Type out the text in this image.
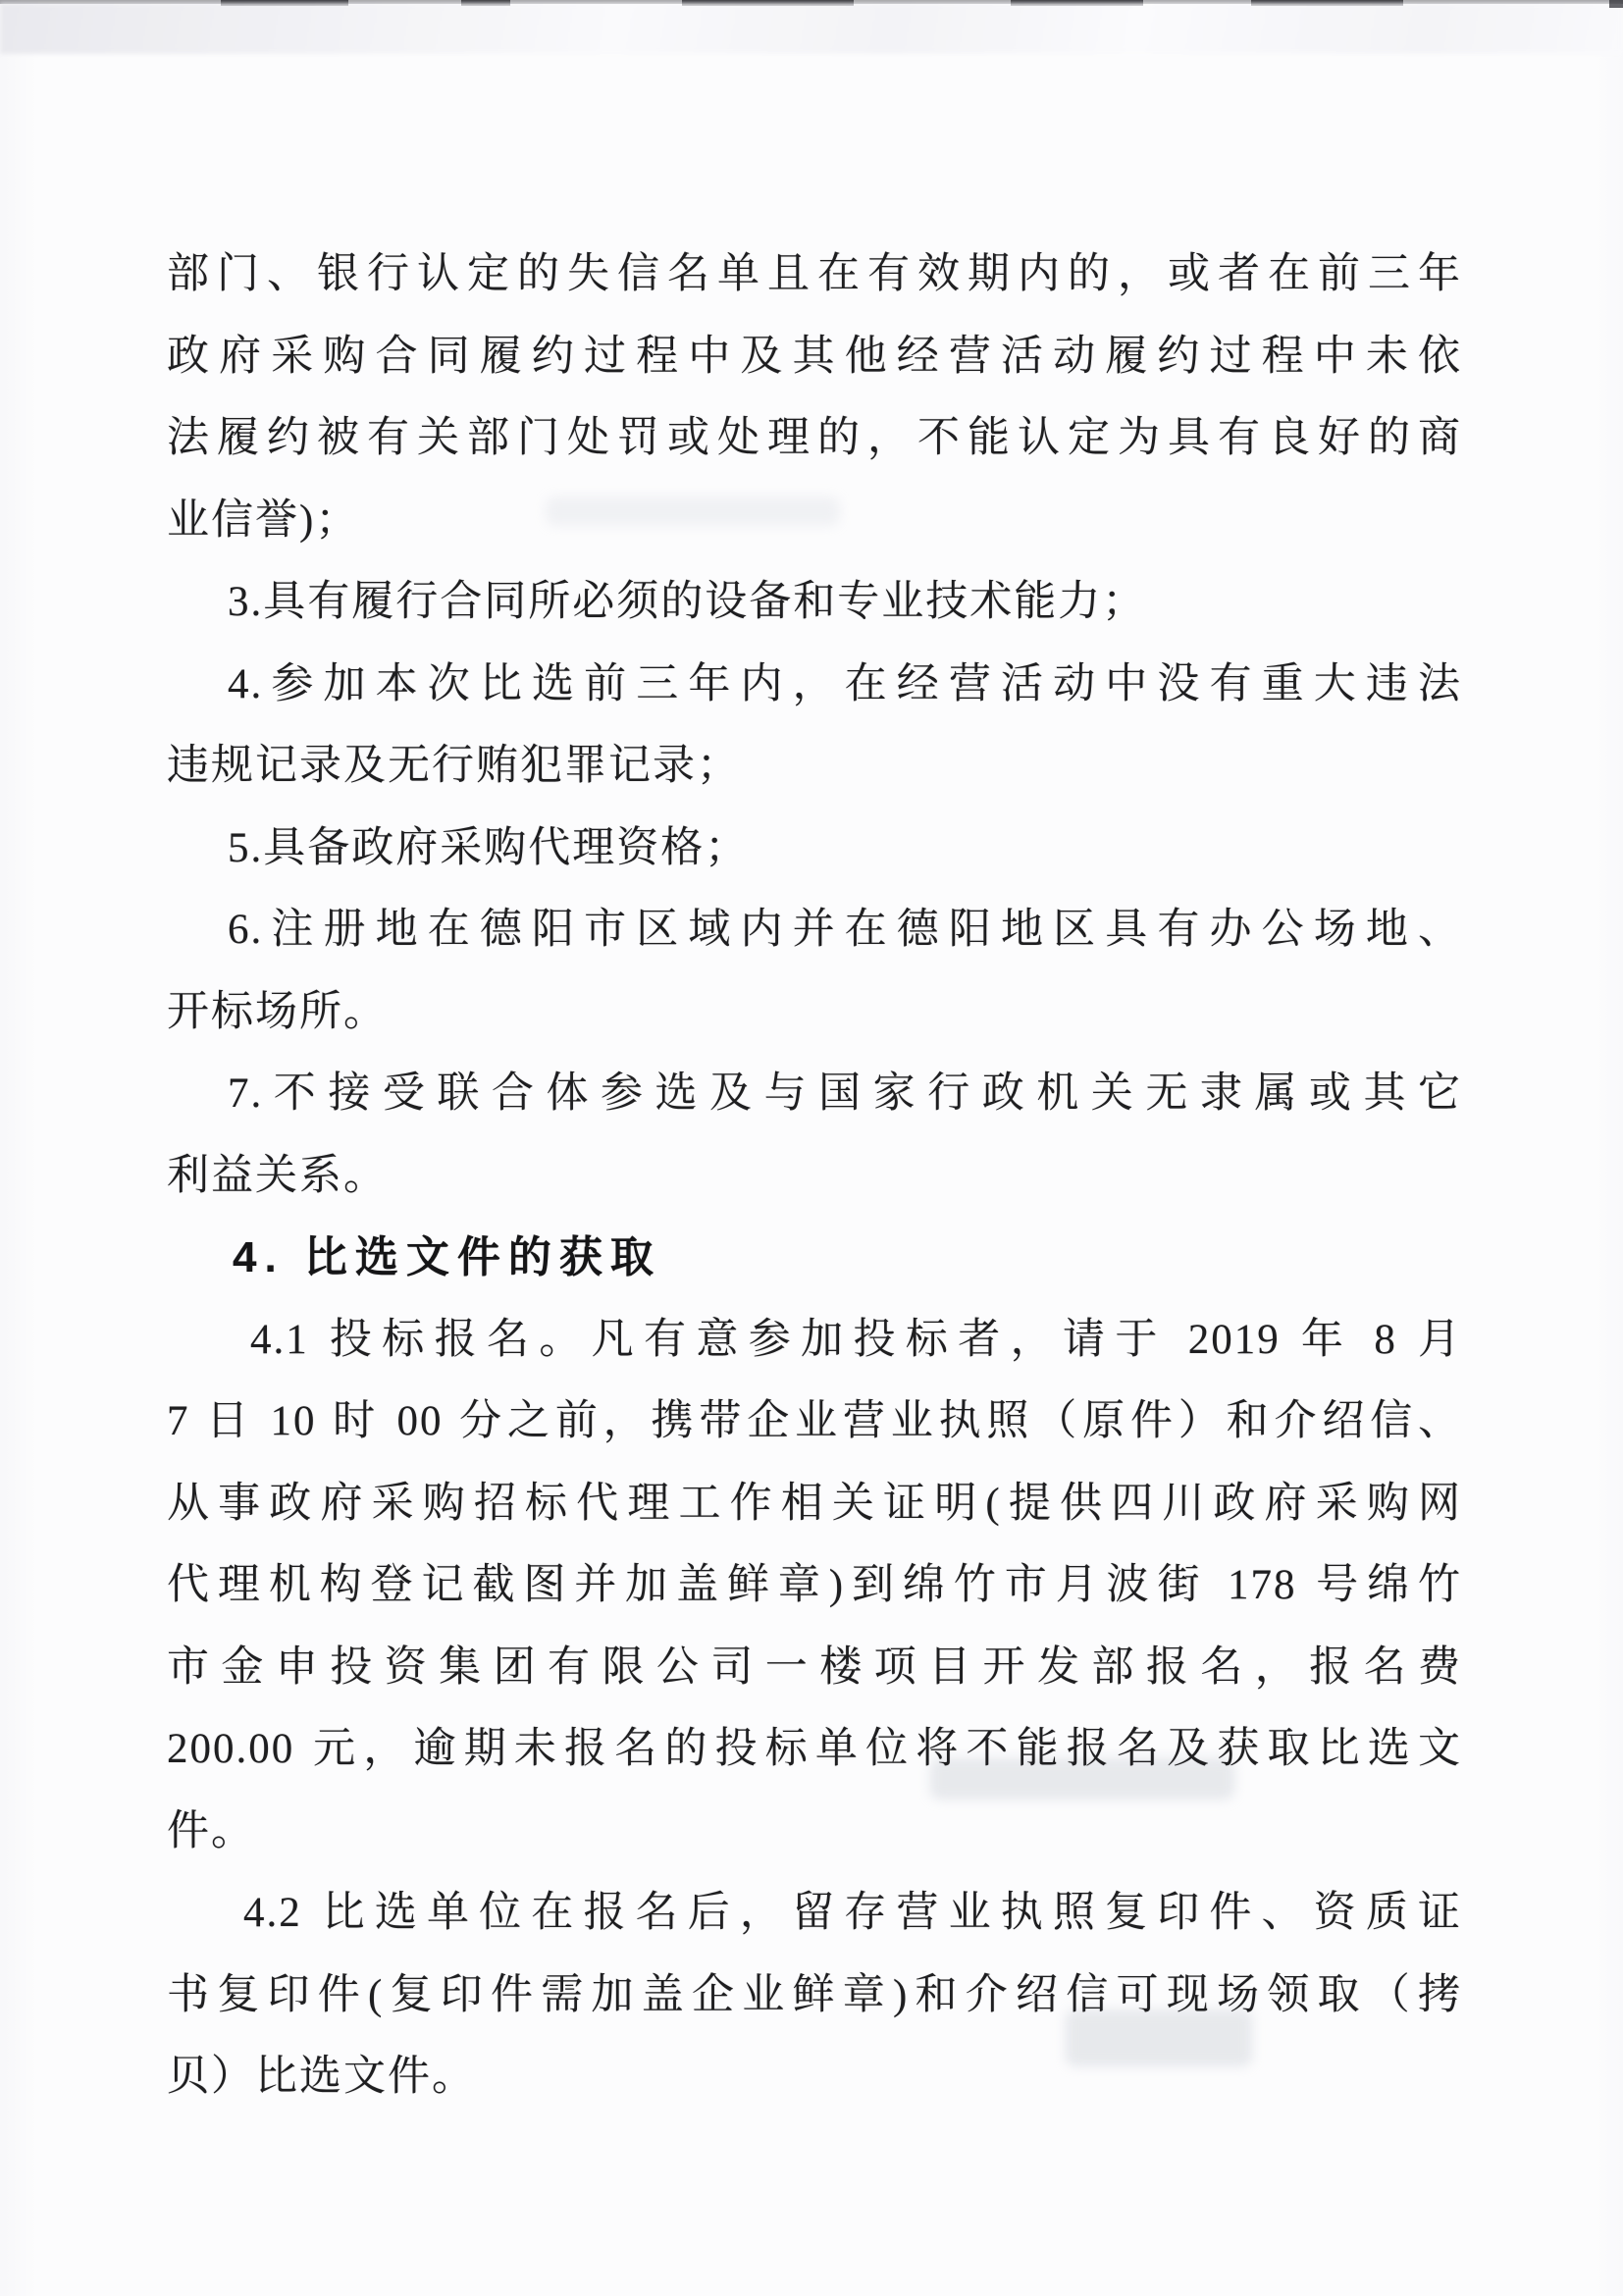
部门、银行认定的失信名单且在有效期内的，或者在前三年
政府采购合同履约过程中及其他经营活动履约过程中未依
法履约被有关部门处罚或处理的，不能认定为具有良好的商
业信誉)；
3.具有履行合同所必须的设备和专业技术能力；
4.参加本次比选前三年内，在经营活动中没有重大违法
违规记录及无行贿犯罪记录；
5.具备政府采购代理资格；
6.注册地在德阳市区域内并在德阳地区具有办公场地、
开标场所。
7.不接受联合体参选及与国家行政机关无隶属或其它
利益关系。
4. 比选文件的获取
4.1 投标报名。凡有意参加投标者，请于 2019 年 8 月
7 日 10 时 00 分之前，携带企业营业执照（原件）和介绍信、
从事政府采购招标代理工作相关证明(提供四川政府采购网
代理机构登记截图并加盖鲜章)到绵竹市月波街 178 号绵竹
市金申投资集团有限公司一楼项目开发部报名，报名费
200.00 元，逾期未报名的投标单位将不能报名及获取比选文
件。
4.2 比选单位在报名后，留存营业执照复印件、资质证
书复印件(复印件需加盖企业鲜章)和介绍信可现场领取（拷
贝）比选文件。
